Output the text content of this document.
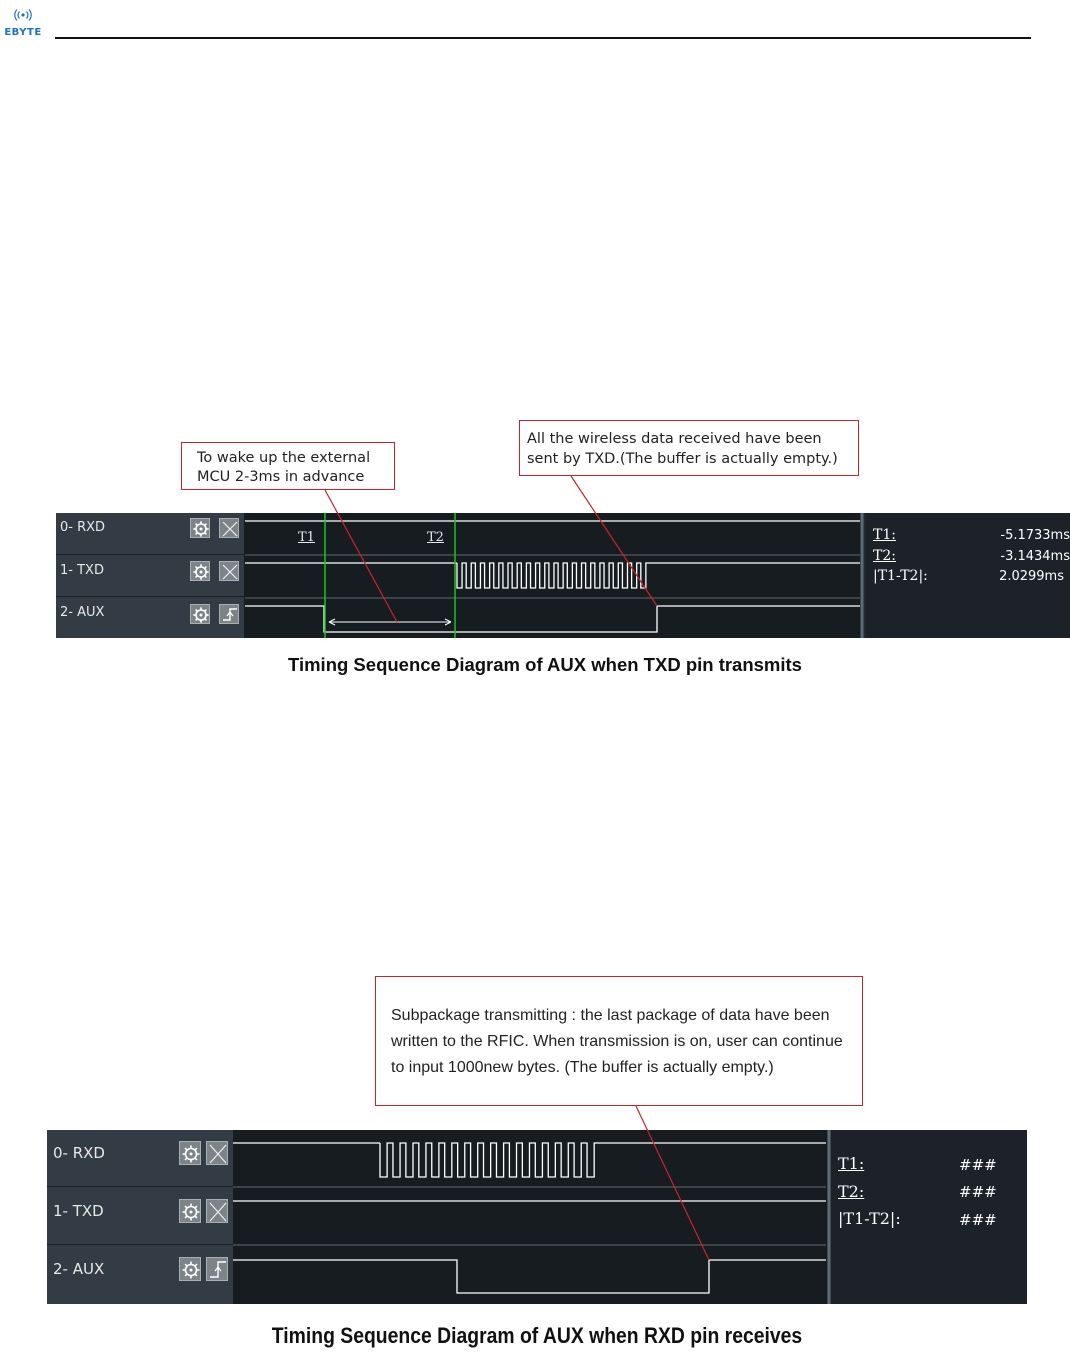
EBYTE
To wake up the external
MCU 2-3ms in advance
All the wireless data received have been
sent by TXD.(The buffer is actually empty.)
0- RXD
1- TXD
2- AUX
T1	T2	T1:	-5.1733ms
T2:	-3.1434ms
|T1-T2|:	2.0299ms
Timing Sequence Diagram of AUX when TXD pin transmits
Subpackage transmitting : the last package of data have been
written to the RFIC. When transmission is on, user can continue
to input 1000new bytes. (The buffer is actually empty.)
0- RXD
1- TXD
2- AUX
T1:	###
T2:	###
|T1-T2|:	###
Timing Sequence Diagram of AUX when RXD pin receives
